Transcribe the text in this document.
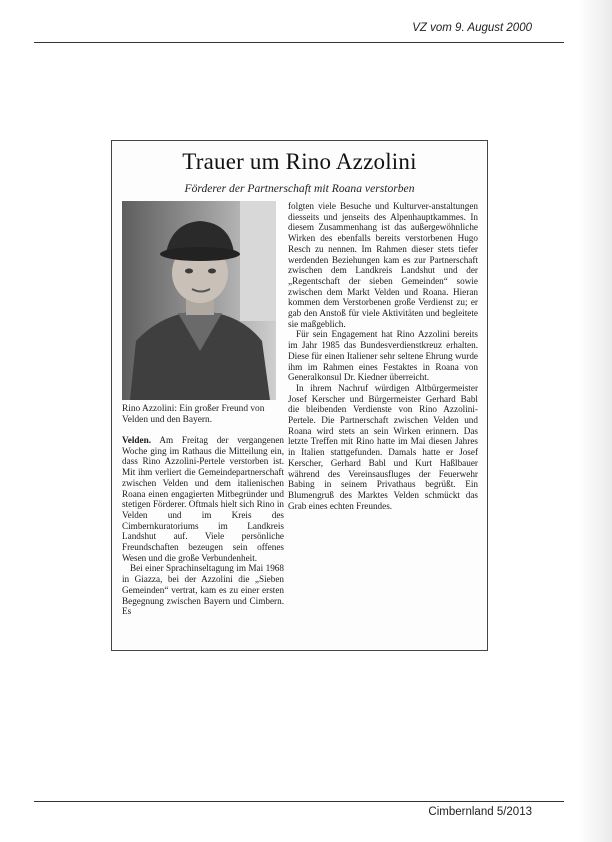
VZ vom 9. August 2000
Trauer um Rino Azzolini
Förderer der Partnerschaft mit Roana verstorben
Rino Azzolini: Ein großer Freund von Velden und den Bayern.

Velden. Am Freitag der vergangenen Woche ging im Rathaus die Mitteilung ein, dass Rino Azzolini-Pertele verstorben ist. Mit ihm verliert die Gemeindepartnerschaft zwischen Velden und dem italienischen Roana einen engagierten Mitbegründer und stetigen Förderer. Oftmals hielt sich Rino in Velden und im Kreis des Cimbernkuratoriums im Landkreis Landshut auf. Viele persönliche Freundschaften bezeugen sein offenes Wesen und die große Verbundenheit.

Bei einer Sprachinseltagung im Mai 1968 in Giazza, bei der Azzolini die „Sieben Gemeinden“ vertrat, kam es zu einer ersten Begegnung zwischen Bayern und Cimbern. Es

folgten viele Besuche und Kulturver-anstaltungen diesseits und jenseits des Alpenhauptkammes. In diesem Zusammenhang ist das außergewöhnliche Wirken des ebenfalls bereits verstorbenen Hugo Resch zu nennen. Im Rahmen dieser stets tiefer werdenden Beziehungen kam es zur Partnerschaft zwischen dem Landkreis Landshut und der „Regentschaft der sieben Gemeinden“ sowie zwischen dem Markt Velden und Roana. Hieran kommen dem Verstorbenen große Verdienst zu; er gab den Anstoß für viele Aktivitäten und begleitete sie maßgeblich.

Für sein Engagement hat Rino Azzolini bereits im Jahr 1985 das Bundesverdienstkreuz erhalten. Diese für einen Italiener sehr seltene Ehrung wurde ihm im Rahmen eines Festaktes in Roana von Generalkonsul Dr. Kiedner überreicht.

In ihrem Nachruf würdigen Altbürgermeister Josef Kerscher und Bürgermeister Gerhard Babl die bleibenden Verdienste von Rino Azzolini-Pertele. Die Partnerschaft zwischen Velden und Roana wird stets an sein Wirken erinnern. Das letzte Treffen mit Rino hatte im Mai diesen Jahres in Italien stattgefunden. Damals hatte er Josef Kerscher, Gerhard Babl und Kurt Haßlbauer während des Vereinsausfluges der Feuerwehr Babing in seinem Privathaus begrüßt. Ein Blumengruß des Marktes Velden schmückt das Grab eines echten Freundes.

Cimbernland 5/2013
